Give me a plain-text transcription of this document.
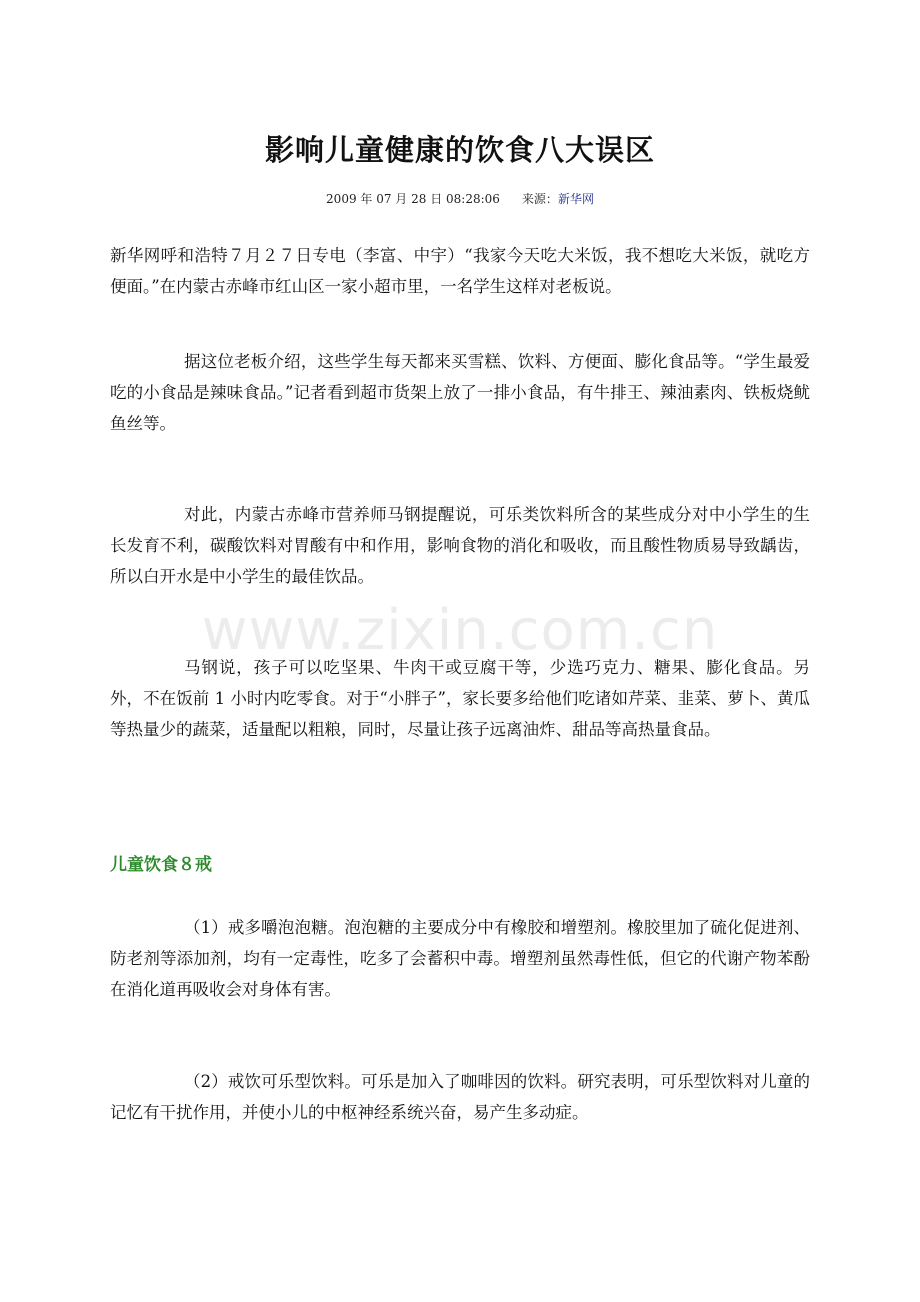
影响儿童健康的饮食八大误区
2009 年 07 月 28 日 08:28:06 来源：新华网

新华网呼和浩特７月２７日专电（李富、中宇）“我家今天吃大米饭，我不想吃大米饭，就吃方便面。”在内蒙古赤峰市红山区一家小超市里，一名学生这样对老板说。

据这位老板介绍，这些学生每天都来买雪糕、饮料、方便面、膨化食品等。“学生最爱吃的小食品是辣味食品。”记者看到超市货架上放了一排小食品，有牛排王、辣油素肉、铁板烧鱿鱼丝等。

对此，内蒙古赤峰市营养师马钢提醒说，可乐类饮料所含的某些成分对中小学生的生长发育不利，碳酸饮料对胃酸有中和作用，影响食物的消化和吸收，而且酸性物质易导致龋齿，所以白开水是中小学生的最佳饮品。

www.zixin.com.cn

马钢说，孩子可以吃坚果、牛肉干或豆腐干等，少选巧克力、糖果、膨化食品。另外，不在饭前 1 小时内吃零食。对于“小胖子”，家长要多给他们吃诸如芹菜、韭菜、萝卜、黄瓜等热量少的蔬菜，适量配以粗粮，同时，尽量让孩子远离油炸、甜品等高热量食品。

儿童饮食８戒

（1）戒多嚼泡泡糖。泡泡糖的主要成分中有橡胶和增塑剂。橡胶里加了硫化促进剂、防老剂等添加剂，均有一定毒性，吃多了会蓄积中毒。增塑剂虽然毒性低，但它的代谢产物苯酚在消化道再吸收会对身体有害。

（2）戒饮可乐型饮料。可乐是加入了咖啡因的饮料。研究表明，可乐型饮料对儿童的记忆有干扰作用，并使小儿的中枢神经系统兴奋，易产生多动症。
